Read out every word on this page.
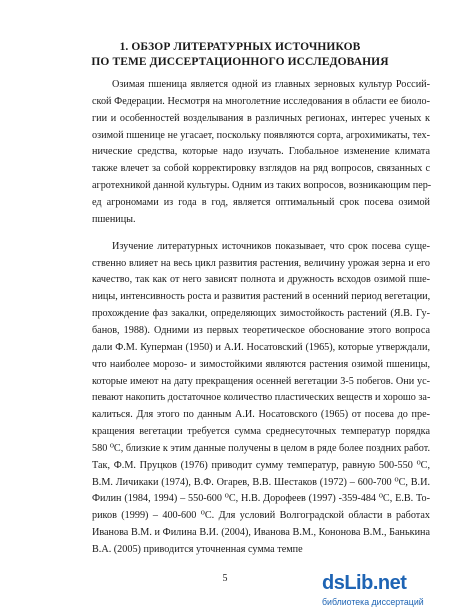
1. ОБЗОР ЛИТЕРАТУРНЫХ ИСТОЧНИКОВ
ПО ТЕМЕ ДИССЕРТАЦИОННОГО ИССЛЕДОВАНИЯ
Озимая пшеница является одной из главных зерновых культур Россий-
ской Федерации. Несмотря на многолетние исследования в области ее биоло-
гии и особенностей возделывания в различных регионах, интерес ученых к
озимой пшенице не угасает, поскольку появляются сорта, агрохимикаты, тех-
нические средства, которые надо изучать. Глобальное изменение климата
также влечет за собой корректировку взглядов на ряд вопросов, связанных с
агротехникой данной культуры. Одним из таких вопросов, возникающим пер-
ед агрономами из года в год, является оптимальный срок посева озимой
пшеницы.
Изучение литературных источников показывает, что срок посева суще-
ственно влияет на весь цикл развития растения, величину урожая зерна и его
качество, так как от него зависят полнота и дружность всходов озимой пше-
ницы, интенсивность роста и развития растений в осенний период вегетации,
прохождение фаз закалки, определяющих зимостойкость растений (Я.В. Гу-
банов, 1988). Одними из первых теоретическое обоснование этого вопроса
дали Ф.М. Куперман (1950) и А.И. Носатовский (1965), которые утверждали,
что наиболее морозо- и зимостойкими являются растения озимой пшеницы,
которые имеют на дату прекращения осенней вегетации 3-5 побегов. Они ус-
певают накопить достаточное количество пластических веществ и хорошо за-
калиться. Для этого по данным А.И. Носатовского (1965) от посева до пре-
кращения вегетации требуется сумма среднесуточных температур порядка
580 ⁰С, близкие к этим данные получены в целом в ряде более поздних работ.
Так, Ф.М. Пруцков (1976) приводит сумму температур, равную 500-550 ⁰С,
В.М. Личикаки (1974), В.Ф. Огарев, В.В. Шестаков (1972) – 600-700 ⁰С, В.И.
Филин (1984, 1994) – 550-600 ⁰С, Н.В. Дорофеев (1997) -359-484 ⁰С, Е.В. То-
риков (1999) – 400-600 ⁰С. Для условий Волгоградской области в работах
Иванова В.М. и Филина В.И. (2004), Иванова В.М., Кононова В.М., Банькина
В.А. (2005) приводится уточненная сумма темпе
5	dsLib.net
библиотека диссертаций
